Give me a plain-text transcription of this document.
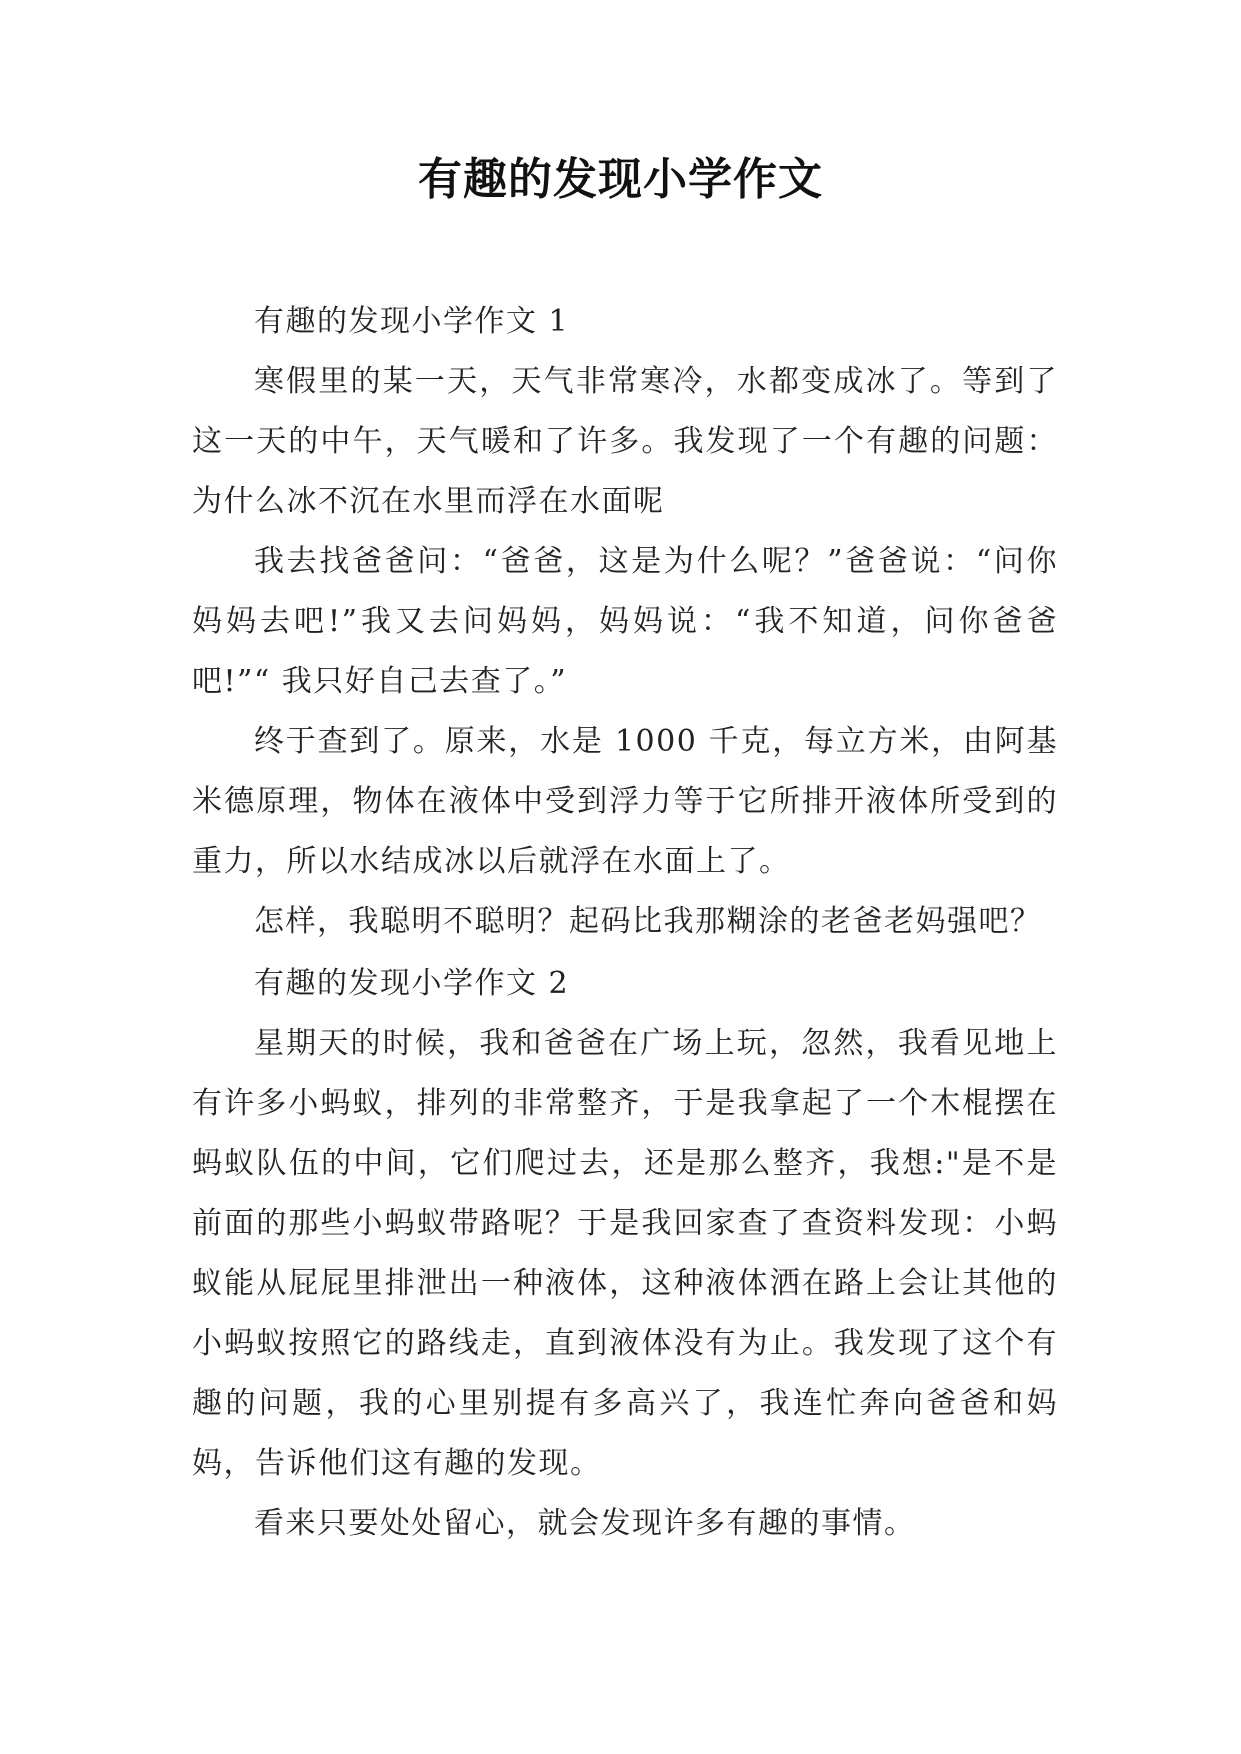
有趣的发现小学作文

有趣的发现小学作文 1

寒假里的某一天，天气非常寒冷，水都变成冰了。等到了这一天的中午，天气暖和了许多。我发现了一个有趣的问题：为什么冰不沉在水里而浮在水面呢

我去找爸爸问：“爸爸，这是为什么呢？”爸爸说：“问你妈妈去吧!”我又去问妈妈，妈妈说：“我不知道，问你爸爸吧!”“ 我只好自己去查了。”

终于查到了。原来，水是 1000 千克，每立方米，由阿基米德原理，物体在液体中受到浮力等于它所排开液体所受到的重力，所以水结成冰以后就浮在水面上了。

怎样，我聪明不聪明？起码比我那糊涂的老爸老妈强吧？

有趣的发现小学作文 2

星期天的时候，我和爸爸在广场上玩，忽然，我看见地上有许多小蚂蚁，排列的非常整齐，于是我拿起了一个木棍摆在蚂蚁队伍的中间，它们爬过去，还是那么整齐，我想:"是不是前面的那些小蚂蚁带路呢？于是我回家查了查资料发现：小蚂蚁能从屁屁里排泄出一种液体，这种液体洒在路上会让其他的小蚂蚁按照它的路线走，直到液体没有为止。我发现了这个有趣的问题，我的心里别提有多高兴了，我连忙奔向爸爸和妈妈，告诉他们这有趣的发现。

看来只要处处留心，就会发现许多有趣的事情。
